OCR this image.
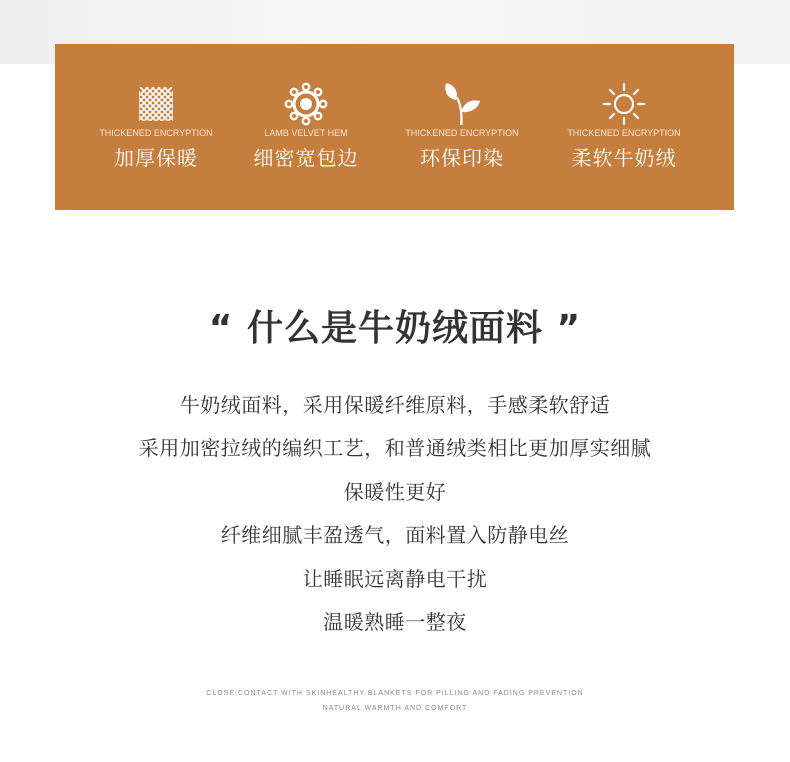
THICKENED ENCRYPTION
加厚保暖
LAMB VELVET HEM
细密宽包边
THICKENED ENCRYPTION
环保印染
THICKENED ENCRYPTION
柔软牛奶绒
“ 什么是牛奶绒面料 ”
牛奶绒面料，采用保暖纤维原料，手感柔软舒适
采用加密拉绒的编织工艺，和普通绒类相比更加厚实细腻
保暖性更好
纤维细腻丰盈透气，面料置入防静电丝
让睡眠远离静电干扰
温暖熟睡一整夜
CLOSE CONTACT WITH SKINHEALTHY BLANKETS FOR PILLING AND FADING PREVENTION
NATURAL WARMTH AND COMFORT
